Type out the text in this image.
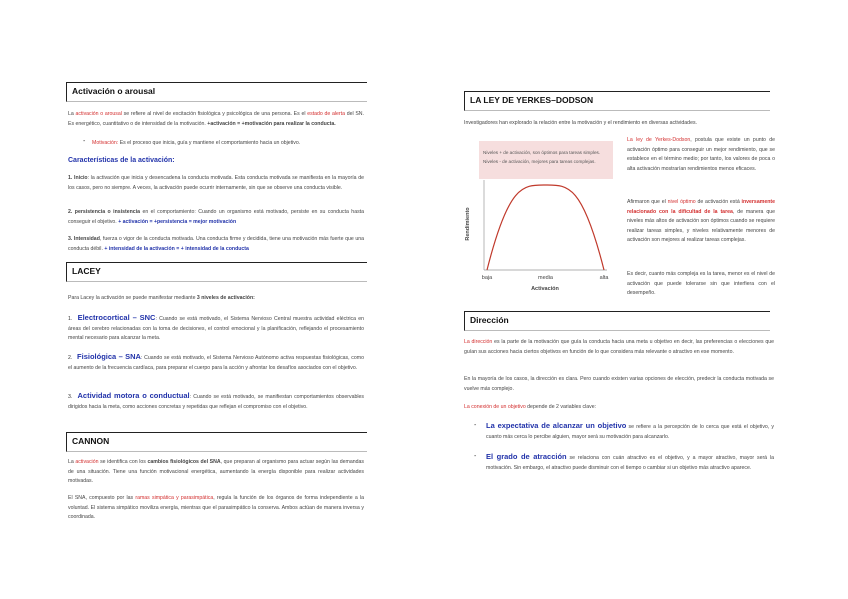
Activación o arousal
La activación o arousal se refiere al nivel de excitación fisiológica y psicológica de una persona. Es el estado de alerta del SN. Es energético, cuantitativo o de intensidad de la motivación. +activación = +motivación para realizar la conducta.
- Motivación: Es el proceso que inicia, guía y mantiene el comportamiento hacia un objetivo.
Características de la activación:
1. Inicio: la activación que inicia y desencadena la conducta motivada. Esta conducta motivada se manifiesta en la mayoría de los casos, pero no siempre. A veces, la activación puede ocurrir internamente, sin que se observe una conducta visible.
2. persistencia o insistencia en el comportamiento: Cuando un organismo está motivado, persiste en su conducta hasta conseguir el objetivo. + activación = +persistencia = mejor motivación
3. Intensidad, fuerza o vigor de la conducta motivada. Una conducta firme y decidida, tiene una motivación más fuerte que una conducta débil. + intensidad de la activación = + intensidad de la conducta
LACEY
Para Lacey la activación se puede manifestar mediante 3 niveles de activación:
1. Electrocortical – SNC: Cuando se está motivado, el Sistema Nervioso Central muestra actividad eléctrica en áreas del cerebro relacionadas con la toma de decisiones, el control emocional y la planificación, reflejando el procesamiento mental necesario para alcanzar la meta.
2. Fisiológica – SNA: Cuando se está motivado, el Sistema Nervioso Autónomo activa respuestas fisiológicas, como el aumento de la frecuencia cardíaca, para preparar el cuerpo para la acción y afrontar los desafíos asociados con el objetivo.
3. Actividad motora o conductual: Cuando se está motivado, se manifiestan comportamientos observables dirigidos hacia la meta, como acciones concretas y repetidas que reflejan el compromiso con el objetivo.
CANNON
La activación se identifica con los cambios fisiológicos del SNA, que preparan al organismo para actuar según las demandas de una situación. Tiene una función motivacional energética, aumentando la energía disponible para realizar actividades motivadas.
El SNA, compuesto por las ramas simpática y parasimpática, regula la función de los órganos de forma independiente a la voluntad. El sistema simpático moviliza energía, mientras que el parasimpático la conserva. Ambos actúan de manera inversa y coordinada.
LA LEY DE YERKES–DODSON
Investigadores han explorado la relación entre la motivación y el rendimiento en diversas actividades.
Niveles + de activación, son óptimos para tareas simples.
Niveles - de activación, mejores para tareas complejas.
Rendimiento
baja	media	alta
Activación
La ley de Yerkes-Dodson, postula que existe un punto de activación óptimo para conseguir un mejor rendimiento, que se establece en el término medio; por tanto, los valores de poca o alta activación mostrarían rendimientos menos eficaces.
Afirmaron que el nivel óptimo de activación está inversamente relacionado con la dificultad de la tarea, de manera que niveles más altos de activación son óptimos cuando se requiere realizar tareas simples, y niveles relativamente menores de activación son mejores al realizar tareas complejas.
Es decir, cuanto más compleja es la tarea, menor es el nivel de activación que puede tolerarse sin que interfiera con el desempeño.
Dirección
La dirección es la parte de la motivación que guía la conducta hacia una meta u objetivo en decir, las preferencias o elecciones que guían sus acciones hacia ciertos objetivos en función de lo que considera más relevante o atractivo en ese momento.
En la mayoría de los casos, la dirección es clara. Pero cuando existen varias opciones de elección, predecir la conducta motivada se vuelve más complejo.
La conexión de un objetivo depende de 2 variables clave:
- La expectativa de alcanzar un objetivo se refiere a la percepción de lo cerca que está el objetivo, y cuanto más cerca lo percibe alguien, mayor será su motivación para alcanzarlo.
- El grado de atracción se relaciona con cuán atractivo es el objetivo, y a mayor atractivo, mayor será la motivación. Sin embargo, el atractivo puede disminuir con el tiempo o cambiar si un objetivo más atractivo aparece.
